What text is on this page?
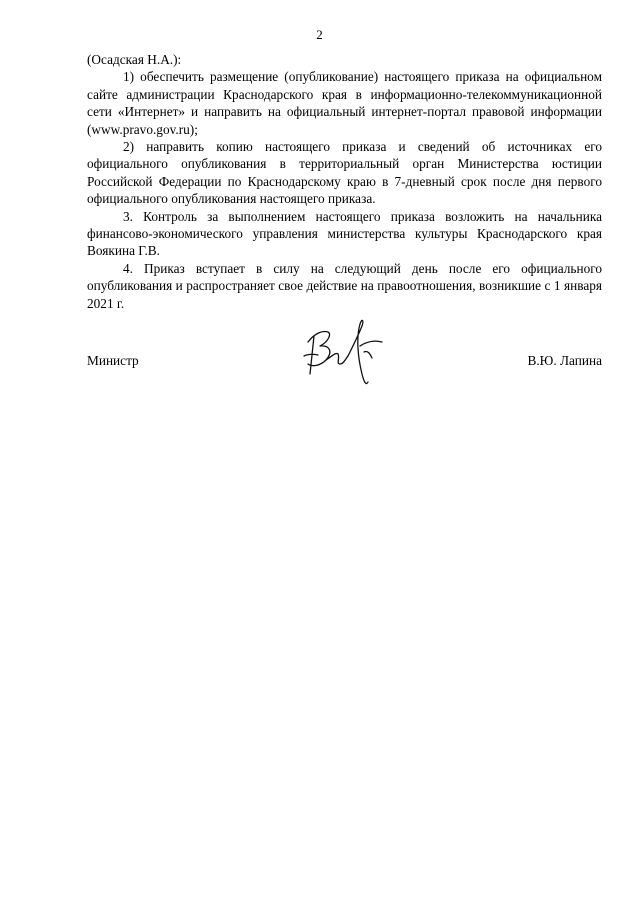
2

(Осадская Н.А.):

1) обеспечить размещение (опубликование) настоящего приказа на официальном сайте администрации Краснодарского края в информационно-телекоммуникационной сети «Интернет» и направить на официальный интернет-портал правовой информации (www.pravo.gov.ru);

2) направить копию настоящего приказа и сведений об источниках его официального опубликования в территориальный орган Министерства юстиции Российской Федерации по Краснодарскому краю в 7-дневный срок после дня первого официального опубликования настоящего приказа.

3. Контроль за выполнением настоящего приказа возложить на начальника финансово-экономического управления министерства культуры Краснодарского края Воякина Г.В.

4. Приказ вступает в силу на следующий день после его официального опубликования и распространяет свое действие на правоотношения, возникшие с 1 января 2021 г.

Министр	В.Ю. Лапина
